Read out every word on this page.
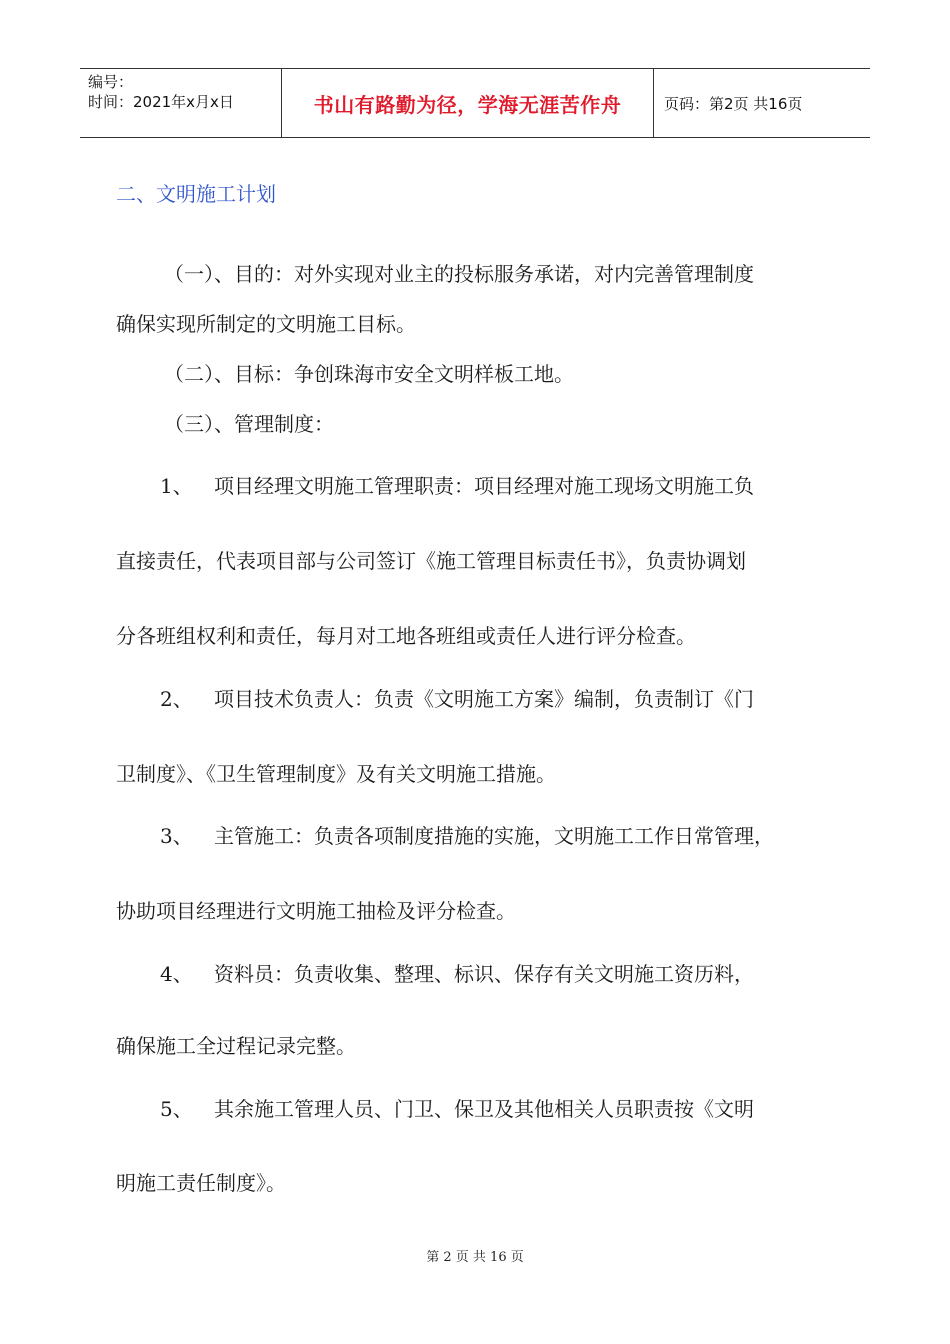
编号：
时间：2021年x月x日	书山有路勤为径，学海无涯苦作舟	页码：第2页 共16页
二、文明施工计划
（一）、目的：对外实现对业主的投标服务承诺，对内完善管理制度
确保实现所制定的文明施工目标。
（二）、目标：争创珠海市安全文明样板工地。
（三）、管理制度：
1、 项目经理文明施工管理职责：项目经理对施工现场文明施工负
直接责任，代表项目部与公司签订《施工管理目标责任书》，负责协调划
分各班组权利和责任，每月对工地各班组或责任人进行评分检查。
2、 项目技术负责人：负责《文明施工方案》编制，负责制订《门
卫制度》、《卫生管理制度》及有关文明施工措施。
3、 主管施工：负责各项制度措施的实施，文明施工工作日常管理，
协助项目经理进行文明施工抽检及评分检查。
4、 资料员：负责收集、整理、标识、保存有关文明施工资历料，
确保施工全过程记录完整。
5、 其余施工管理人员、门卫、保卫及其他相关人员职责按《文明
明施工责任制度》。
第 2 页 共 16 页
